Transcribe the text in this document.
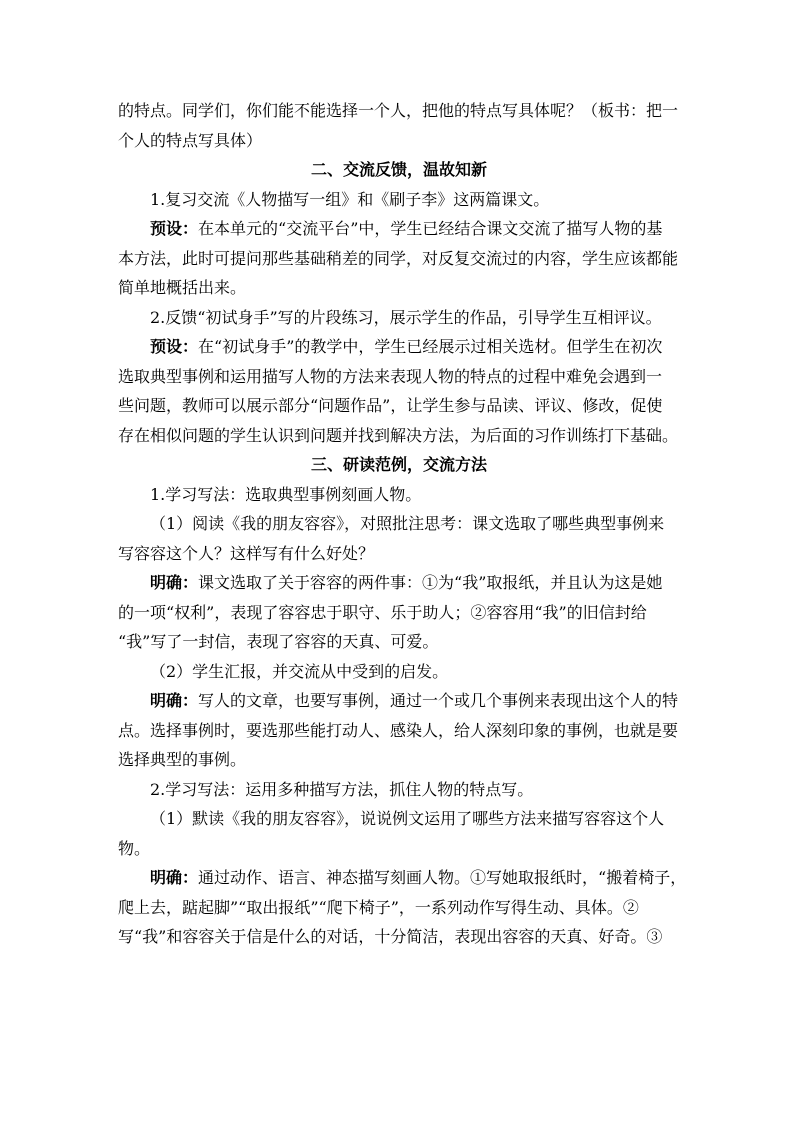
的特点。同学们，你们能不能选择一个人，把他的特点写具体呢？（板书：把一
个人的特点写具体）
二、交流反馈，温故知新
1.复习交流《人物描写一组》和《刷子李》这两篇课文。
预设：在本单元的“交流平台”中，学生已经结合课文交流了描写人物的基
本方法，此时可提问那些基础稍差的同学，对反复交流过的内容，学生应该都能
简单地概括出来。
2.反馈“初试身手”写的片段练习，展示学生的作品，引导学生互相评议。
预设：在“初试身手”的教学中，学生已经展示过相关选材。但学生在初次
选取典型事例和运用描写人物的方法来表现人物的特点的过程中难免会遇到一
些问题，教师可以展示部分“问题作品”，让学生参与品读、评议、修改，促使
存在相似问题的学生认识到问题并找到解决方法，为后面的习作训练打下基础。
三、研读范例，交流方法
1.学习写法：选取典型事例刻画人物。
（1）阅读《我的朋友容容》，对照批注思考：课文选取了哪些典型事例来
写容容这个人？这样写有什么好处？
明确：课文选取了关于容容的两件事：①为“我”取报纸，并且认为这是她
的一项“权利”，表现了容容忠于职守、乐于助人；②容容用“我”的旧信封给
“我”写了一封信，表现了容容的天真、可爱。
（2）学生汇报，并交流从中受到的启发。
明确：写人的文章，也要写事例，通过一个或几个事例来表现出这个人的特
点。选择事例时，要选那些能打动人、感染人，给人深刻印象的事例，也就是要
选择典型的事例。
2.学习写法：运用多种描写方法，抓住人物的特点写。
（1）默读《我的朋友容容》，说说例文运用了哪些方法来描写容容这个人
物。
明确：通过动作、语言、神态描写刻画人物。①写她取报纸时，“搬着椅子，
爬上去，踮起脚”“取出报纸”“爬下椅子”，一系列动作写得生动、具体。②
写“我”和容容关于信是什么的对话，十分简洁，表现出容容的天真、好奇。③
